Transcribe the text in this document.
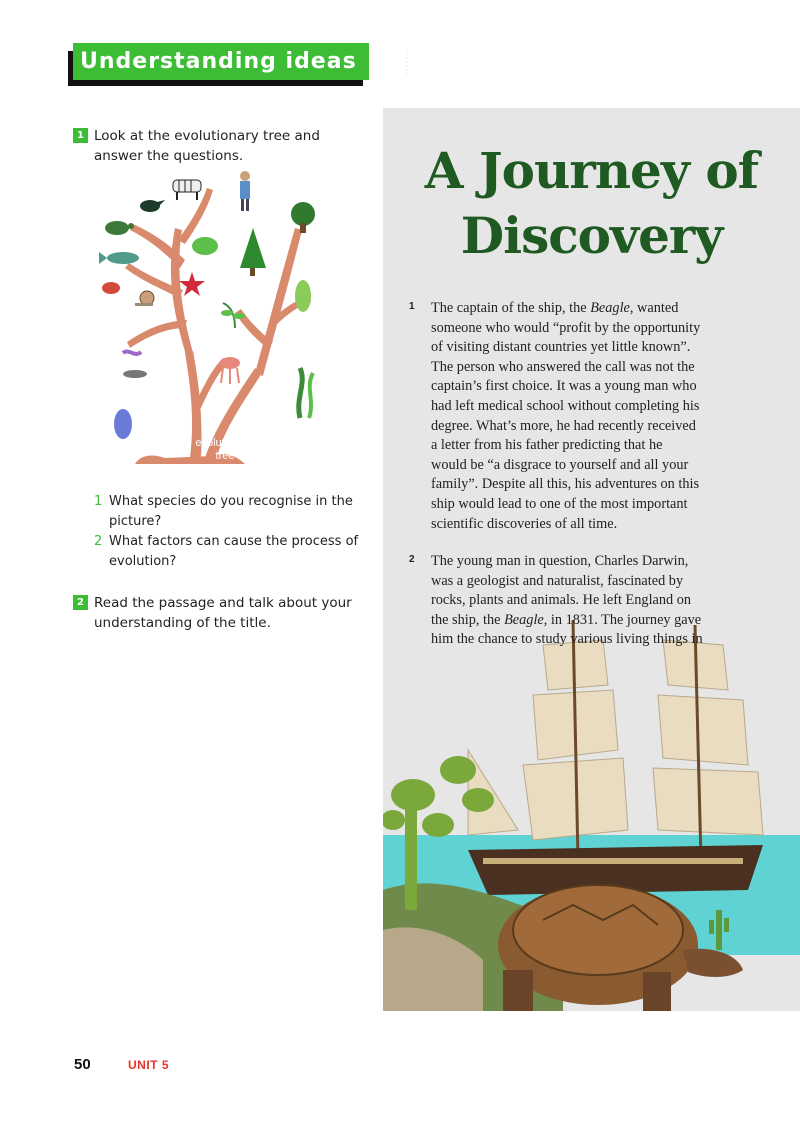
Understanding ideas
1 Look at the evolutionary tree and answer the questions.
evolutionary
tree
1 What species do you recognise in the
picture?
2 What factors can cause the process of
evolution?
2 Read the passage and talk about your
understanding of the title.
A Journey of
Discovery
1 The captain of the ship, the Beagle, wanted
someone who would “profit by the opportunity
of visiting distant countries yet little known”.
The person who answered the call was not the
captain’s first choice. It was a young man who
had left medical school without completing his
degree. What’s more, he had recently received
a letter from his father predicting that he
would be “a disgrace to yourself and all your
family”. Despite all this, his adventures on this
ship would lead to one of the most important
scientific discoveries of all time.
2 The young man in question, Charles Darwin,
was a geologist and naturalist, fascinated by
rocks, plants and animals. He left England on
the ship, the Beagle, in 1831. The journey gave
him the chance to study various living things in
50	UNIT 5
